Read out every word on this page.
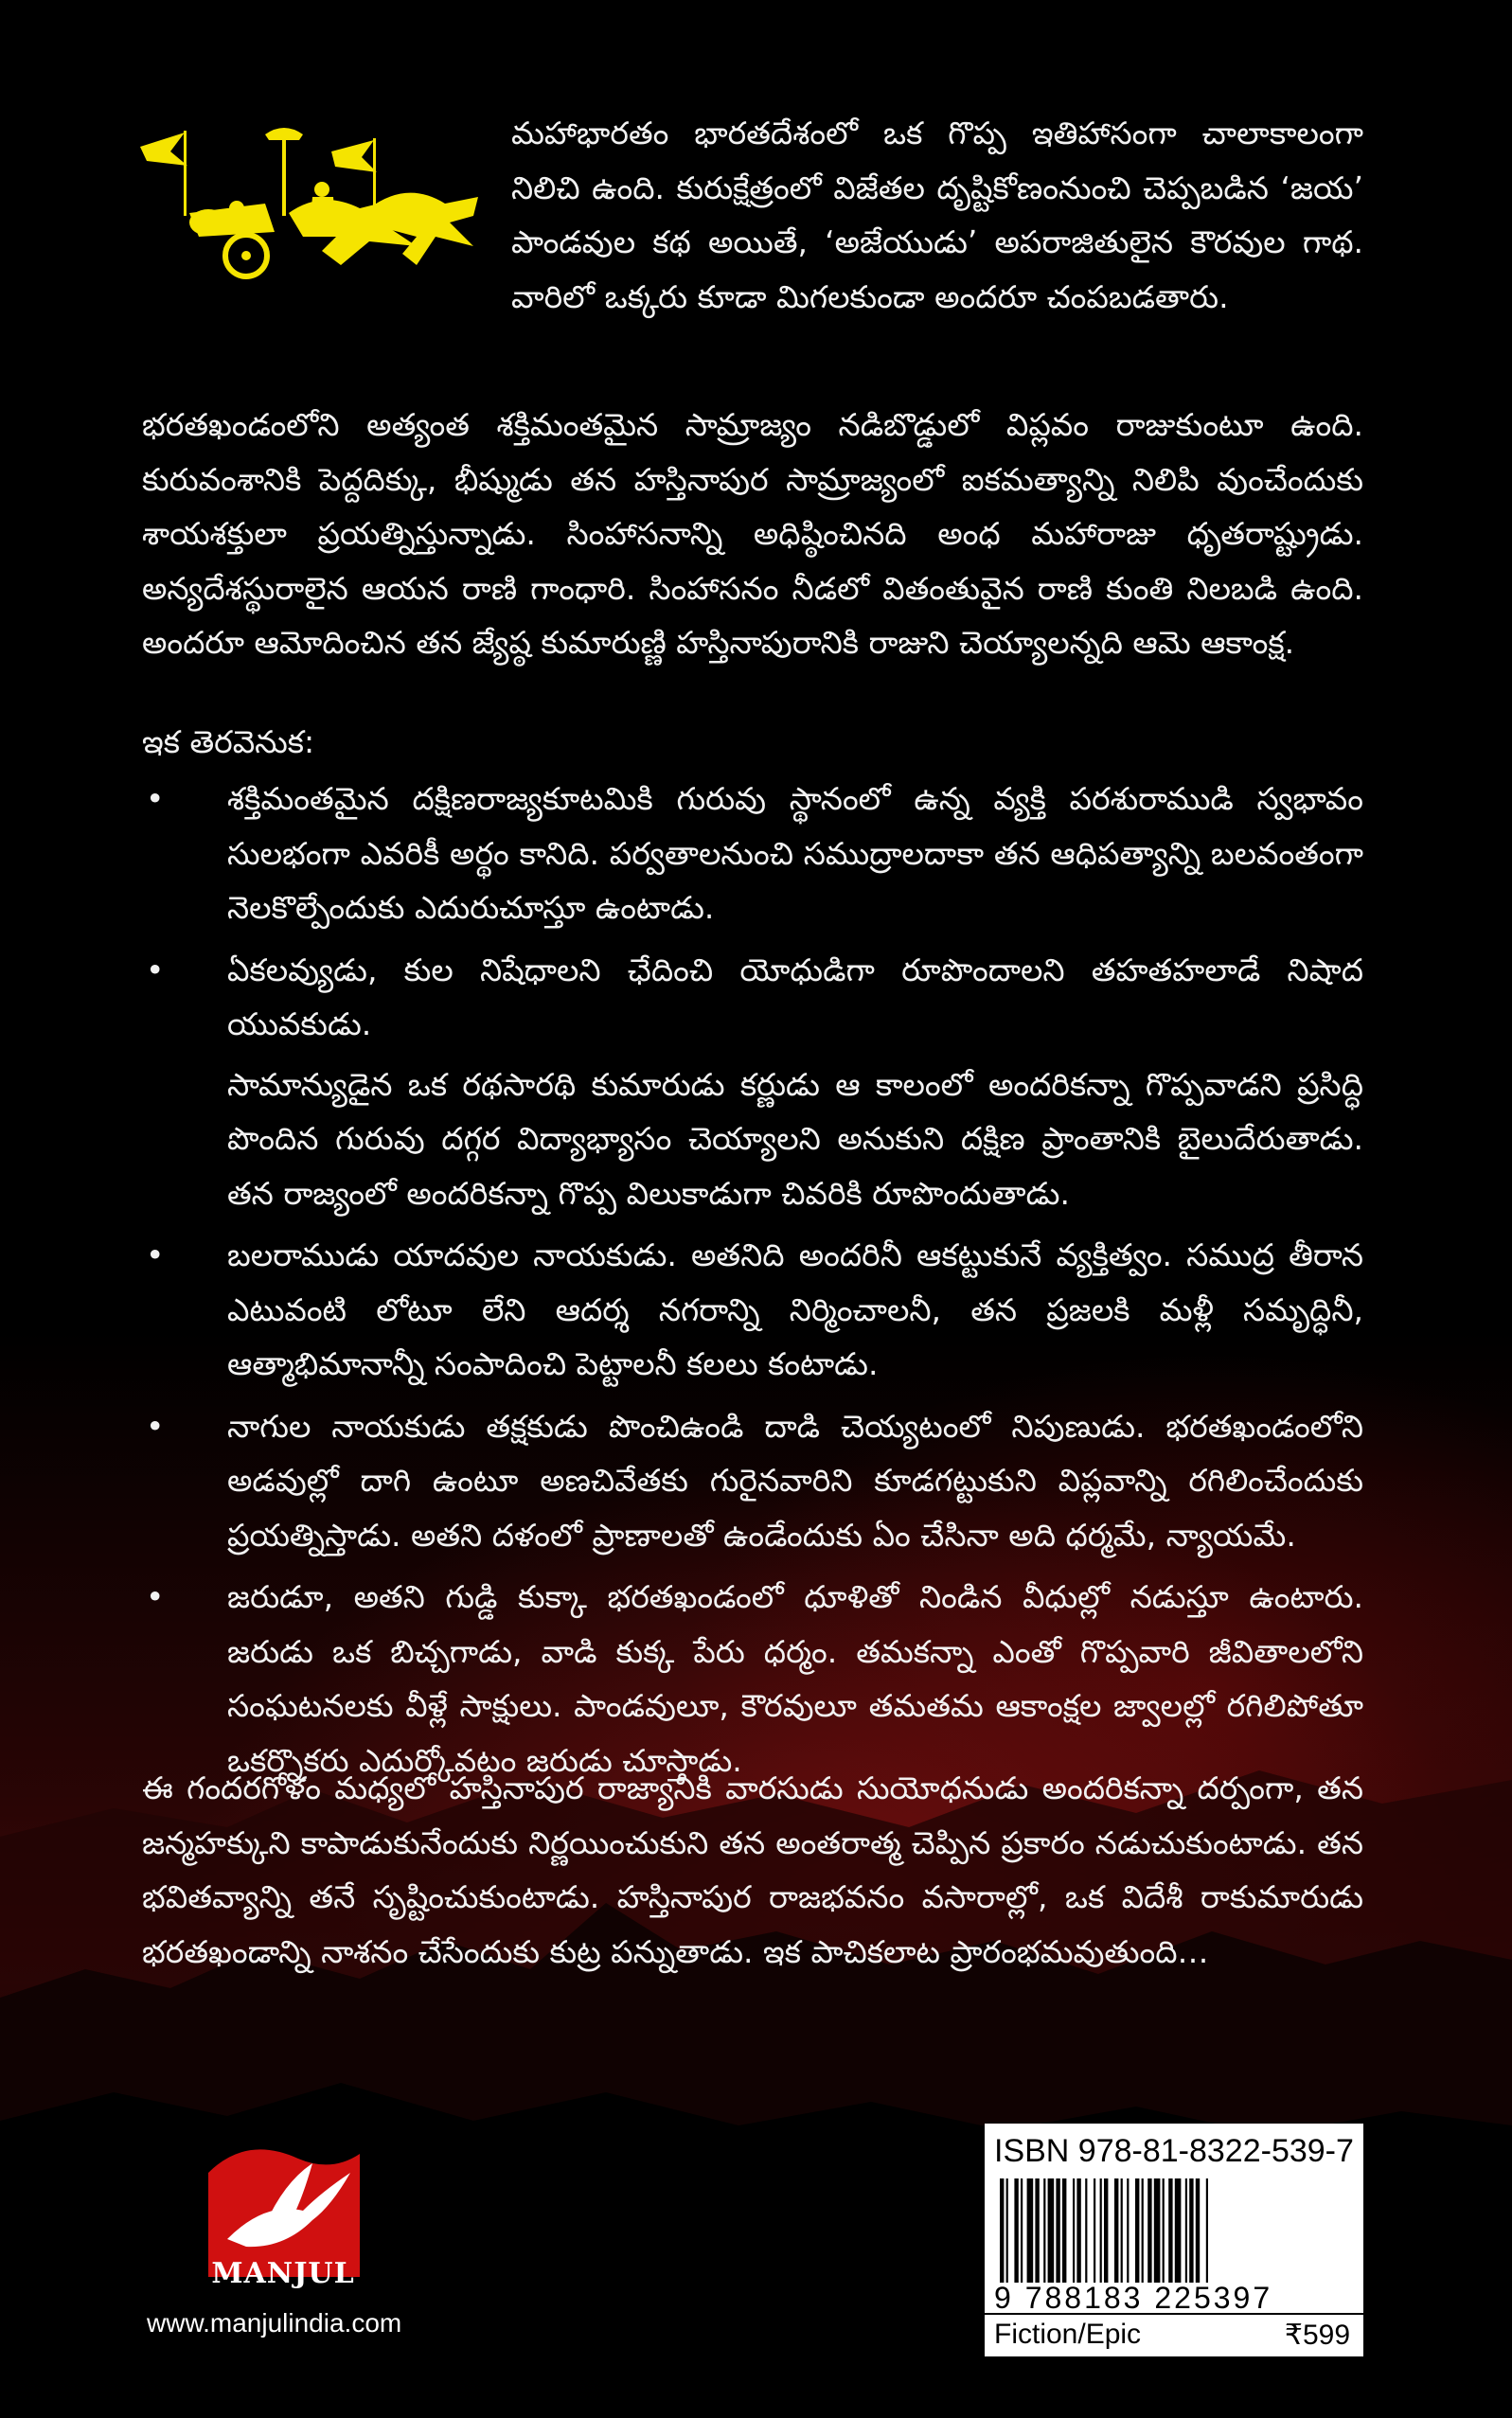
మహాభారతం భారతదేశంలో ఒక గొప్ప ఇతిహాసంగా చాలాకాలంగా నిలిచి ఉంది. కురుక్షేత్రంలో విజేతల దృష్టికోణంనుంచి చెప్పబడిన ‘జయ’ పాండవుల కథ అయితే, ‘అజేయుడు’ అపరాజితులైన కౌరవుల గాథ. వారిలో ఒక్కరు కూడా మిగలకుండా అందరూ చంపబడతారు.

భరతఖండంలోని అత్యంత శక్తిమంతమైన సామ్రాజ్యం నడిబొడ్డులో విప్లవం రాజుకుంటూ ఉంది. కురువంశానికి పెద్దదిక్కు, భీష్ముడు తన హస్తినాపుర సామ్రాజ్యంలో ఐకమత్యాన్ని నిలిపి వుంచేందుకు శాయశక్తులా ప్రయత్నిస్తున్నాడు. సింహాసనాన్ని అధిష్ఠించినది అంధ మహారాజు ధృతరాష్ట్రుడు. అన్యదేశస్థురాలైన ఆయన రాణి గాంధారి. సింహాసనం నీడలో వితంతువైన రాణి కుంతి నిలబడి ఉంది. అందరూ ఆమోదించిన తన జ్యేష్ఠ కుమారుణ్ణి హస్తినాపురానికి రాజుని చెయ్యాలన్నది ఆమె ఆకాంక్ష.

ఇక తెరవెనుక:

• శక్తిమంతమైన దక్షిణరాజ్యకూటమికి గురువు స్థానంలో ఉన్న వ్యక్తి పరశురాముడి స్వభావం సులభంగా ఎవరికీ అర్థం కానిది. పర్వతాలనుంచి సముద్రాలదాకా తన ఆధిపత్యాన్ని బలవంతంగా నెలకొల్పేందుకు ఎదురుచూస్తూ ఉంటాడు.
• ఏకలవ్యుడు, కుల నిషేధాలని ఛేదించి యోధుడిగా రూపొందాలని తహతహలాడే నిషాద యువకుడు.
సామాన్యుడైన ఒక రథసారథి కుమారుడు కర్ణుడు ఆ కాలంలో అందరికన్నా గొప్పవాడని ప్రసిద్ధి పొందిన గురువు దగ్గర విద్యాభ్యాసం చెయ్యాలని అనుకుని దక్షిణ ప్రాంతానికి బైలుదేరుతాడు. తన రాజ్యంలో అందరికన్నా గొప్ప విలుకాడుగా చివరికి రూపొందుతాడు.
• బలరాముడు యాదవుల నాయకుడు. అతనిది అందరినీ ఆకట్టుకునే వ్యక్తిత్వం. సముద్ర తీరాన ఎటువంటి లోటూ లేని ఆదర్శ నగరాన్ని నిర్మించాలనీ, తన ప్రజలకి మళ్లీ సమృద్ధినీ, ఆత్మాభిమానాన్నీ సంపాదించి పెట్టాలనీ కలలు కంటాడు.
• నాగుల నాయకుడు తక్షకుడు పొంచిఉండి దాడి చెయ్యటంలో నిపుణుడు. భరతఖండంలోని అడవుల్లో దాగి ఉంటూ అణచివేతకు గురైనవారిని కూడగట్టుకుని విప్లవాన్ని రగిలించేందుకు ప్రయత్నిస్తాడు. అతని దళంలో ప్రాణాలతో ఉండేందుకు ఏం చేసినా అది ధర్మమే, న్యాయమే.
• జరుడూ, అతని గుడ్డి కుక్కా భరతఖండంలో ధూళితో నిండిన వీధుల్లో నడుస్తూ ఉంటారు. జరుడు ఒక బిచ్చగాడు, వాడి కుక్క పేరు ధర్మం. తమకన్నా ఎంతో గొప్పవారి జీవితాలలోని సంఘటనలకు వీళ్లే సాక్షులు. పాండవులూ, కౌరవులూ తమతమ ఆకాంక్షల జ్వాలల్లో రగిలిపోతూ ఒకర్నొకరు ఎదుర్కోవటం జరుడు చూస్తాడు.

ఈ గందరగోళం మధ్యలో హస్తినాపుర రాజ్యానికి వారసుడు సుయోధనుడు అందరికన్నా దర్పంగా, తన జన్మహక్కుని కాపాడుకునేందుకు నిర్ణయించుకుని తన అంతరాత్మ చెప్పిన ప్రకారం నడుచుకుంటాడు. తన భవితవ్యాన్ని తనే సృష్టించుకుంటాడు. హస్తినాపుర రాజభవనం వసారాల్లో, ఒక విదేశీ రాకుమారుడు భరతఖండాన్ని నాశనం చేసేందుకు కుట్ర పన్నుతాడు. ఇక పాచికలాట ప్రారంభమవుతుంది…

MANJUL
www.manjulindia.com
ISBN 978-81-8322-539-7
9 788183 225397
Fiction/Epic	₹599
